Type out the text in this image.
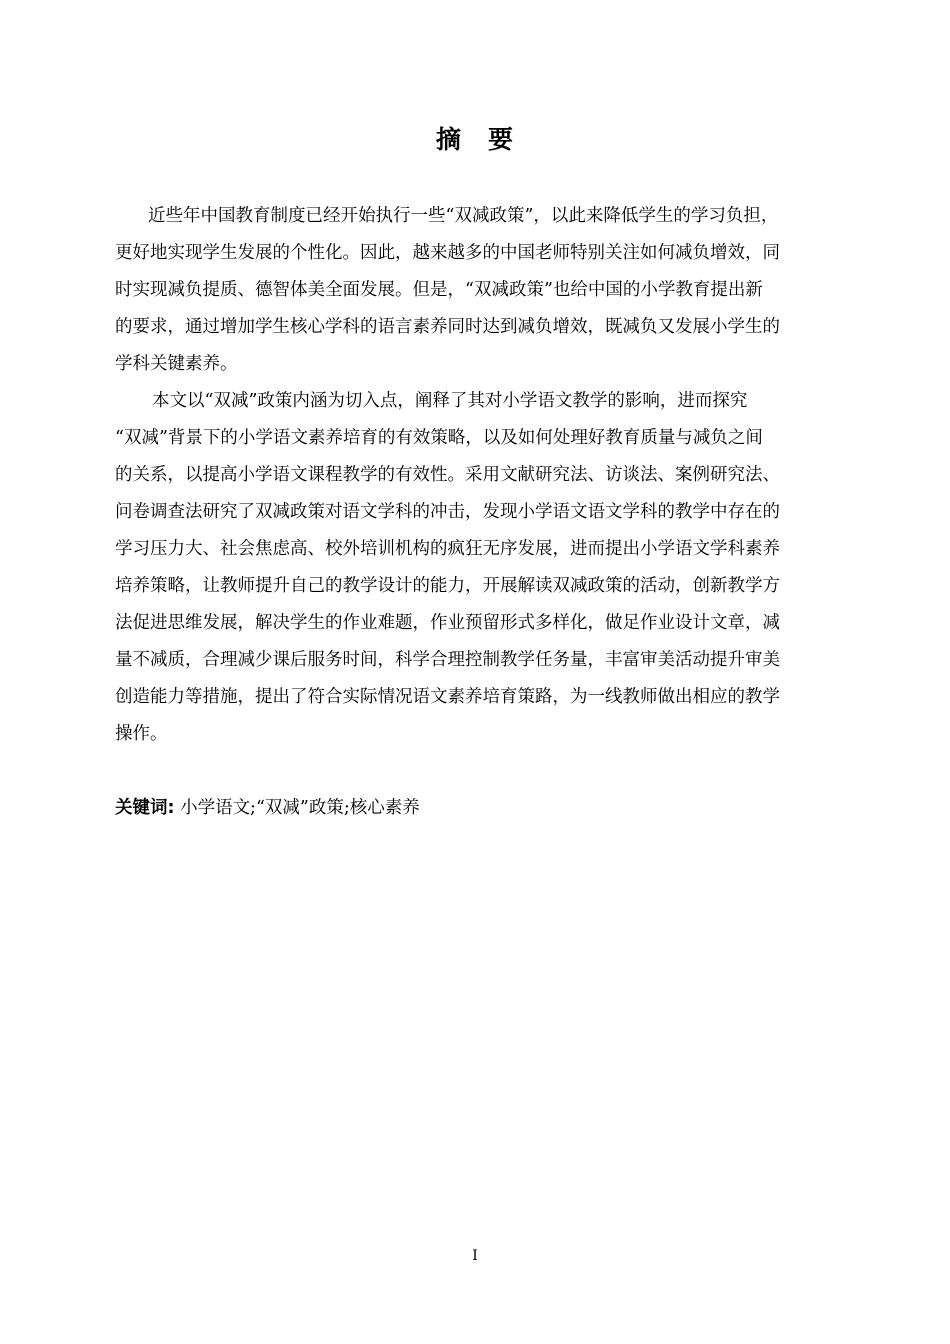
摘　要
近些年中国教育制度已经开始执行一些“双减政策”，以此来降低学生的学习负担，
更好地实现学生发展的个性化。因此，越来越多的中国老师特别关注如何减负增效，同
时实现减负提质、德智体美全面发展。但是，“双减政策”也给中国的小学教育提出新
的要求，通过增加学生核心学科的语言素养同时达到减负增效，既减负又发展小学生的
学科关键素养。
本文以“双减”政策内涵为切入点，阐释了其对小学语文教学的影响，进而探究
“双减”背景下的小学语文素养培育的有效策略，以及如何处理好教育质量与减负之间
的关系，以提高小学语文课程教学的有效性。采用文献研究法、访谈法、案例研究法、
问卷调查法研究了双减政策对语文学科的冲击，发现小学语文语文学科的教学中存在的
学习压力大、社会焦虑高、校外培训机构的疯狂无序发展，进而提出小学语文学科素养
培养策略，让教师提升自己的教学设计的能力，开展解读双减政策的活动，创新教学方
法促进思维发展，解决学生的作业难题，作业预留形式多样化，做足作业设计文章，减
量不减质，合理减少课后服务时间，科学合理控制教学任务量，丰富审美活动提升审美
创造能力等措施，提出了符合实际情况语文素养培育策路，为一线教师做出相应的教学
操作。
关键词: 小学语文;“双减”政策;核心素养
I
